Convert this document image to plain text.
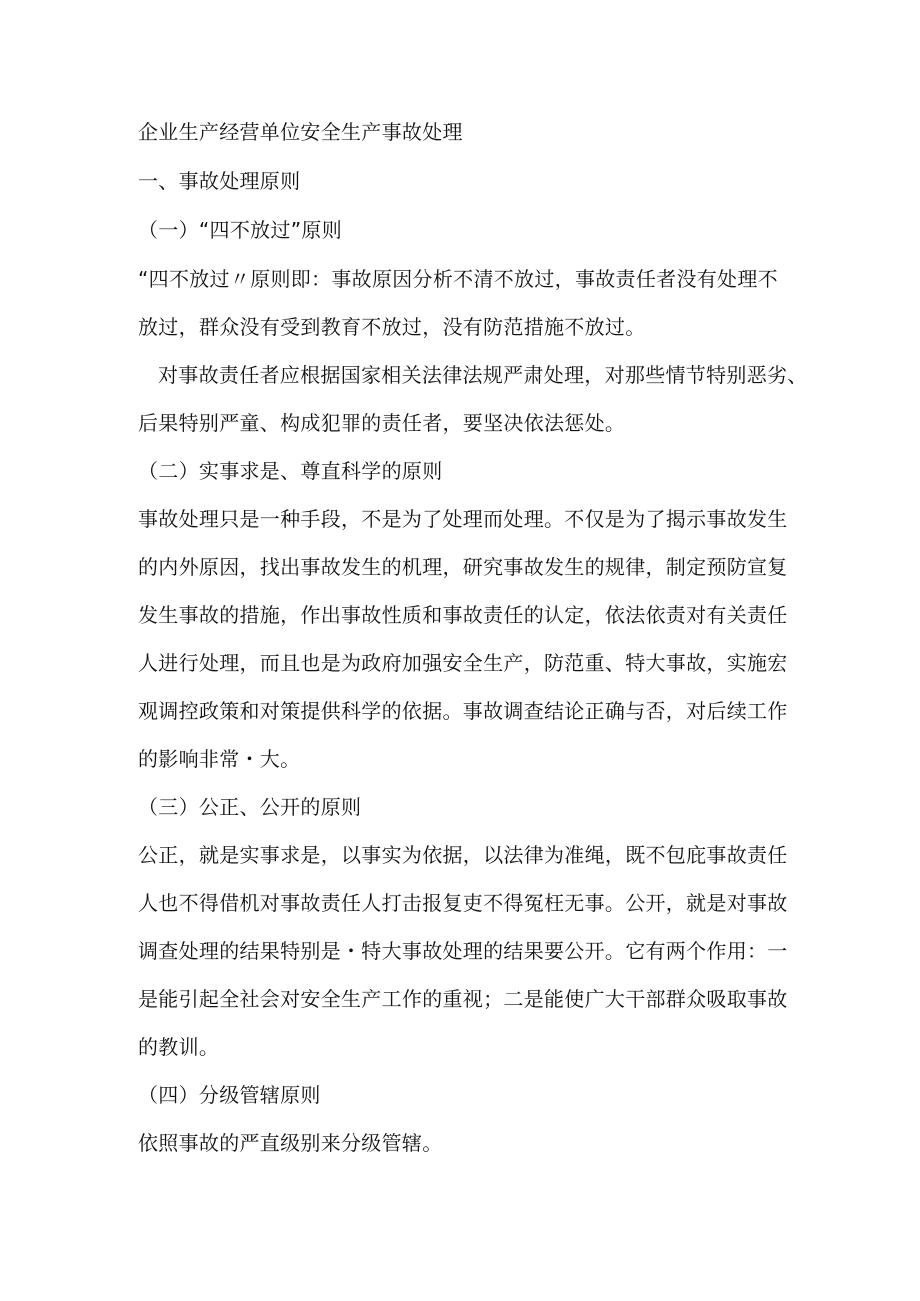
企业生产经营单位安全生产事故处理
一、事故处理原则
（一）“四不放过”原则
“四不放过〃原则即：事故原因分析不清不放过，事故责任者没有处理不
放过，群众没有受到教育不放过，没有防范措施不放过。
对事故责任者应根据国家相关法律法规严肃处理，对那些情节特别恶劣、
后果特别严童、构成犯罪的责任者，要坚决依法惩处。
（二）实事求是、尊直科学的原则
事故处理只是一种手段，不是为了处理而处理。不仅是为了揭示事故发生
的内外原因，找出事故发生的机理，研究事故发生的规律，制定预防宣复
发生事故的措施，作出事故性质和事故责任的认定，依法依责对有关责任
人进行处理，而且也是为政府加强安全生产，防范重、特大事故，实施宏
观调控政策和对策提供科学的依据。事故调查结论正确与否，对后续工作
的影响非常・大。
（三）公正、公开的原则
公正，就是实事求是，以事实为依据，以法律为准绳，既不包庇事故责任
人也不得借机对事故责任人打击报复吏不得冤枉无事。公开，就是对事故
调查处理的结果特别是・特大事故处理的结果要公开。它有两个作用：一
是能引起全社会对安全生产工作的重视；二是能使广大干部群众吸取事故
的教训。
（四）分级管辖原则
依照事故的严直级别来分级管辖。
